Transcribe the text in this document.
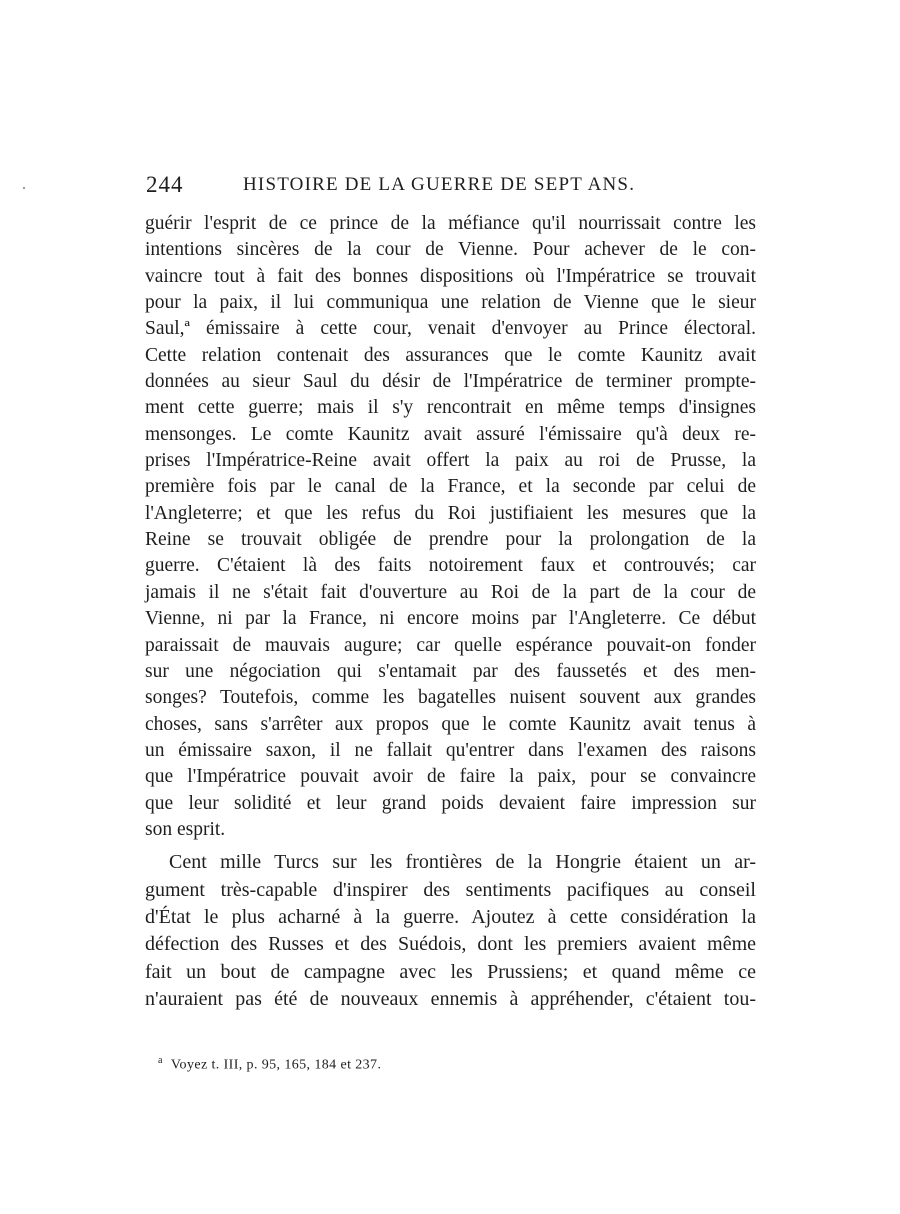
244	HISTOIRE DE LA GUERRE DE SEPT ANS.
guérir l'esprit de ce prince de la méfiance qu'il nourrissait contre les
intentions sincères de la cour de Vienne. Pour achever de le con-
vaincre tout à fait des bonnes dispositions où l'Impératrice se trouvait
pour la paix, il lui communiqua une relation de Vienne que le sieur
Saul,ª émissaire à cette cour, venait d'envoyer au Prince électoral.
Cette relation contenait des assurances que le comte Kaunitz avait
données au sieur Saul du désir de l'Impératrice de terminer prompte-
ment cette guerre; mais il s'y rencontrait en même temps d'insignes
mensonges. Le comte Kaunitz avait assuré l'émissaire qu'à deux re-
prises l'Impératrice-Reine avait offert la paix au roi de Prusse, la
première fois par le canal de la France, et la seconde par celui de
l'Angleterre; et que les refus du Roi justifiaient les mesures que la
Reine se trouvait obligée de prendre pour la prolongation de la
guerre. C'étaient là des faits notoirement faux et controuvés; car
jamais il ne s'était fait d'ouverture au Roi de la part de la cour de
Vienne, ni par la France, ni encore moins par l'Angleterre. Ce début
paraissait de mauvais augure; car quelle espérance pouvait-on fonder
sur une négociation qui s'entamait par des faussetés et des men-
songes? Toutefois, comme les bagatelles nuisent souvent aux grandes
choses, sans s'arrêter aux propos que le comte Kaunitz avait tenus à
un émissaire saxon, il ne fallait qu'entrer dans l'examen des raisons
que l'Impératrice pouvait avoir de faire la paix, pour se convaincre
que leur solidité et leur grand poids devaient faire impression sur
son esprit.
Cent mille Turcs sur les frontières de la Hongrie étaient un ar-
gument très-capable d'inspirer des sentiments pacifiques au conseil
d'État le plus acharné à la guerre. Ajoutez à cette considération la
défection des Russes et des Suédois, dont les premiers avaient même
fait un bout de campagne avec les Prussiens; et quand même ce
n'auraient pas été de nouveaux ennemis à appréhender, c'étaient tou-
$^a$ Voyez t. III, p. 95, 165, 184 et 237.
